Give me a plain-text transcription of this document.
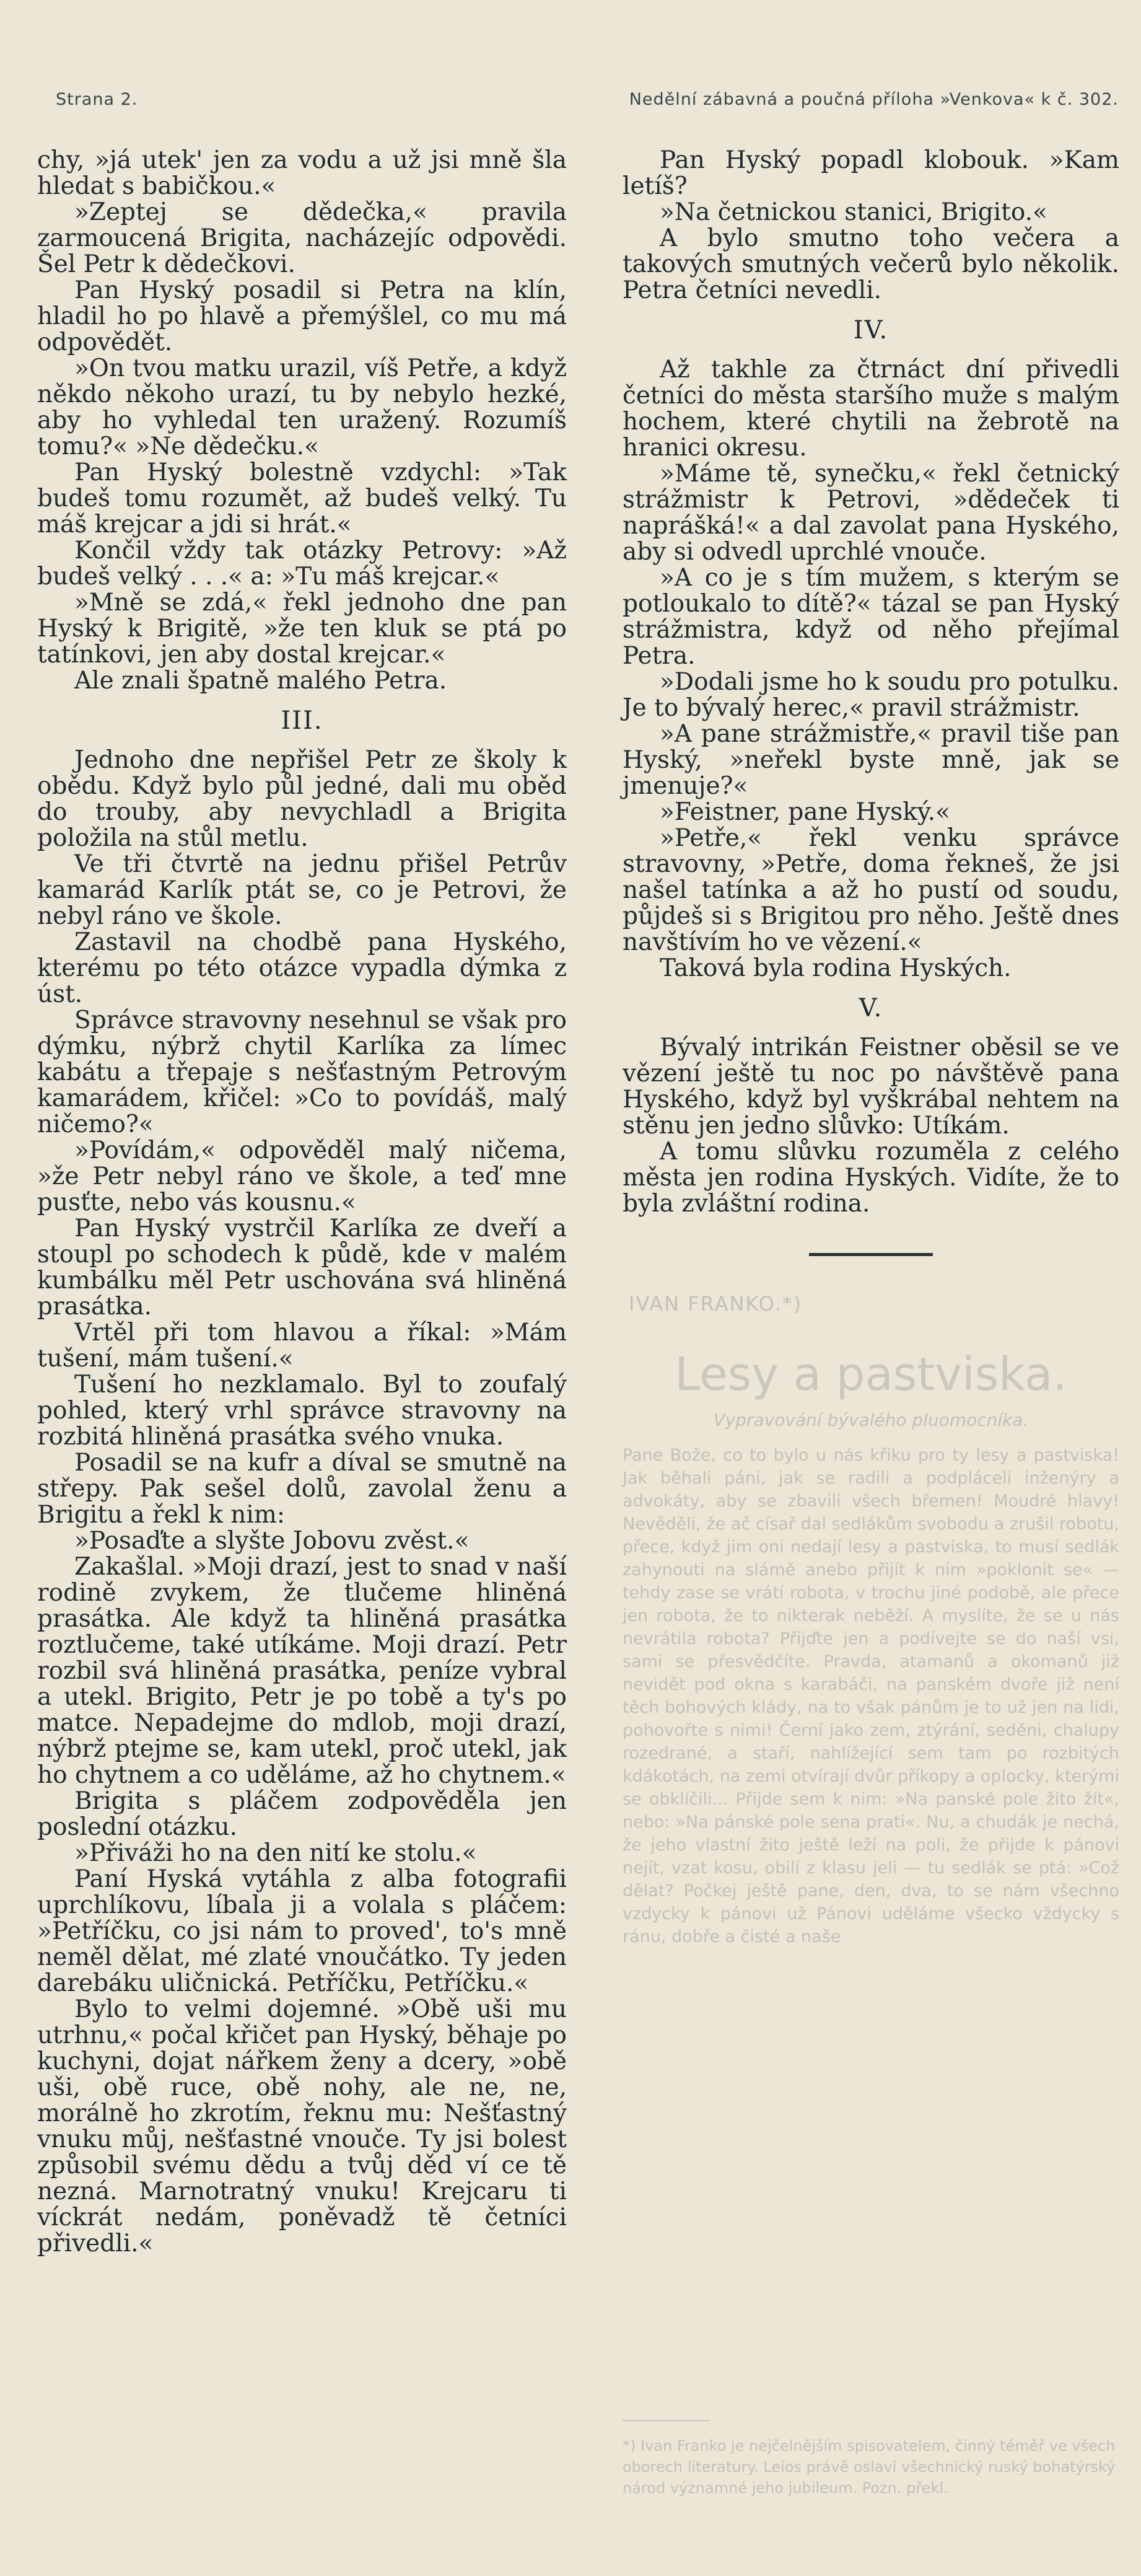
Strana 2.	Nedělní zábavná a poučná příloha »Venkova« k č. 302.

chy, »já utek' jen za vodu a už jsi mně šla hledat s babičkou.«

»Zeptej se dědečka,« pravila zarmoucená Brigita, nacházejíc odpovědi. Šel Petr k dědečkovi.

Pan Hyský posadil si Petra na klín, hladil ho po hlavě a přemýšlel, co mu má odpovědět.

»On tvou matku urazil, víš Petře, a když někdo někoho urazí, tu by nebylo hezké, aby ho vyhledal ten uražený. Rozumíš tomu?« »Ne dědečku.«

Pan Hyský bolestně vzdychl: »Tak budeš tomu rozumět, až budeš velký. Tu máš krejcar a jdi si hrát.«

Končil vždy tak otázky Petrovy: »Až budeš velký . . .« a: »Tu máš krejcar.«

»Mně se zdá,« řekl jednoho dne pan Hyský k Brigitě, »že ten kluk se ptá po tatínkovi, jen aby dostal krejcar.«

Ale znali špatně malého Petra.

III.

Jednoho dne nepřišel Petr ze školy k obědu. Když bylo půl jedné, dali mu oběd do trouby, aby nevychladl a Brigita položila na stůl metlu.

Ve tři čtvrtě na jednu přišel Petrův kamarád Karlík ptát se, co je Petrovi, že nebyl ráno ve škole.

Zastavil na chodbě pana Hyského, kterému po této otázce vypadla dýmka z úst.

Správce stravovny nesehnul se však pro dýmku, nýbrž chytil Karlíka za límec kabátu a třepaje s nešťastným Petrovým kamarádem, křičel: »Co to povídáš, malý ničemo?«

»Povídám,« odpověděl malý ničema, »že Petr nebyl ráno ve škole, a teď mne pusťte, nebo vás kousnu.«

Pan Hyský vystrčil Karlíka ze dveří a stoupl po schodech k půdě, kde v malém kumbálku měl Petr uschována svá hliněná prasátka.

Vrtěl při tom hlavou a říkal: »Mám tušení, mám tušení.«

Tušení ho nezklamalo. Byl to zoufalý pohled, který vrhl správce stravovny na rozbitá hliněná prasátka svého vnuka.

Posadil se na kufr a díval se smutně na střepy. Pak sešel dolů, zavolal ženu a Brigitu a řekl k nim:

»Posaďte a slyšte Jobovu zvěst.«

Zakašlal. »Moji drazí, jest to snad v naší rodině zvykem, že tlučeme hliněná prasátka. Ale když ta hliněná prasátka roztlučeme, také utíkáme. Moji drazí. Petr rozbil svá hliněná prasátka, peníze vybral a utekl. Brigito, Petr je po tobě a ty's po matce. Nepadejme do mdlob, moji drazí, nýbrž ptejme se, kam utekl, proč utekl, jak ho chytnem a co uděláme, až ho chytnem.«

Brigita s pláčem zodpověděla jen poslední otázku.

»Přiváži ho na den nití ke stolu.«

Paní Hyská vytáhla z alba fotografii uprchlíkovu, líbala ji a volala s pláčem: »Petříčku, co jsi nám to proved', to's mně neměl dělat, mé zlaté vnoučátko. Ty jeden darebáku uličnická. Petříčku, Petříčku.«

Bylo to velmi dojemné. »Obě uši mu utrhnu,« počal křičet pan Hyský, běhaje po kuchyni, dojat nářkem ženy a dcery, »obě uši, obě ruce, obě nohy, ale ne, ne, morálně ho zkrotím, řeknu mu: Nešťastný vnuku můj, nešťastné vnouče. Ty jsi bolest způsobil svému dědu a tvůj děd ví ce tě nezná. Marnotratný vnuku! Krejcaru ti víckrát nedám, poněvadž tě četníci přivedli.«

Pan Hyský popadl klobouk. »Kam letíš?

»Na četnickou stanici, Brigito.«

A bylo smutno toho večera a takových smutných večerů bylo několik. Petra četníci nevedli.

IV.

Až takhle za čtrnáct dní přivedli četníci do města staršího muže s malým hochem, které chytili na žebrotě na hranici okresu.

»Máme tě, synečku,« řekl četnický strážmistr k Petrovi, »dědeček ti naprášká!« a dal zavolat pana Hyského, aby si odvedl uprchlé vnouče.

»A co je s tím mužem, s kterým se potloukalo to dítě?« tázal se pan Hyský strážmistra, když od něho přejímal Petra.

»Dodali jsme ho k soudu pro potulku. Je to bývalý herec,« pravil strážmistr.

»A pane strážmistře,« pravil tiše pan Hyský, »neřekl byste mně, jak se jmenuje?«

»Feistner, pane Hyský.«

»Petře,« řekl venku správce stravovny, »Petře, doma řekneš, že jsi našel tatínka a až ho pustí od soudu, půjdeš si s Brigitou pro něho. Ještě dnes navštívím ho ve vězení.«

Taková byla rodina Hyských.

V.

Bývalý intrikán Feistner oběsil se ve vězení ještě tu noc po návštěvě pana Hyského, když byl vyškrábal nehtem na stěnu jen jedno slůvko: Utíkám.

A tomu slůvku rozuměla z celého města jen rodina Hyských. Vidíte, že to byla zvláštní rodina.

IVAN FRANKO.*)
Lesy a pastviska.
Vypravování bývalého pluomocníka.
Pane Bože, co to bylo u nás křiku pro ty lesy a pastviska! Jak běhali páni, jak se radili a podpláceli inženýry a advokáty, aby se zbavili všech břemen! Moudré hlavy! Nevěděli, že ač císař dal sedlákům svobodu a zrušil robotu, přece, když jim oni nedají lesy a pastviska, to musí sedlák zahynouti na slámě anebo přijít k nim »poklonit se« — tehdy zase se vrátí robota, v trochu jiné podobě, ale přece jen robota, že to nikterak neběží. A myslíte, že se u nás nevrátila robota? Přijďte jen a podívejte se do naší vsi, sami se přesvědčíte. Pravda, atamanů a okomanů již nevidět pod okna s karabáči, na panském dvoře již není těch bohových klády, na to však pánům je to už jen na lidi, pohovořte s nimi! Černí jako zem, ztýrání, seděni, chalupy rozedrané, a staří, nahlížející sem tam po rozbitých kdákotách, na zemi otvírají dvůr příkopy a oplocky, kterými se obklíčili... Přijde sem k nim: »Na panské pole žito žít«, nebo: »Na pánské pole sena prati«. Nu, a chudák je nechá, že jeho vlastní žito ještě leží na poli, že přijde k pánovi nejít, vzat kosu, obilí z klasu jeli — tu sedlák se ptá: »Což dělat? Počkej ještě pane, den, dva, to se nám všechno vzdycky k pánovi už Pánovi uděláme všecko vždycky s ránu, dobře a čisté a naše
*) Ivan Franko je nejčelnějším spisovatelem, činný téměř ve všech oborech literatury. Leíos právě oslaví všechnický ruský bohatýrský národ významné jeho jubileum. Pozn. překl.
